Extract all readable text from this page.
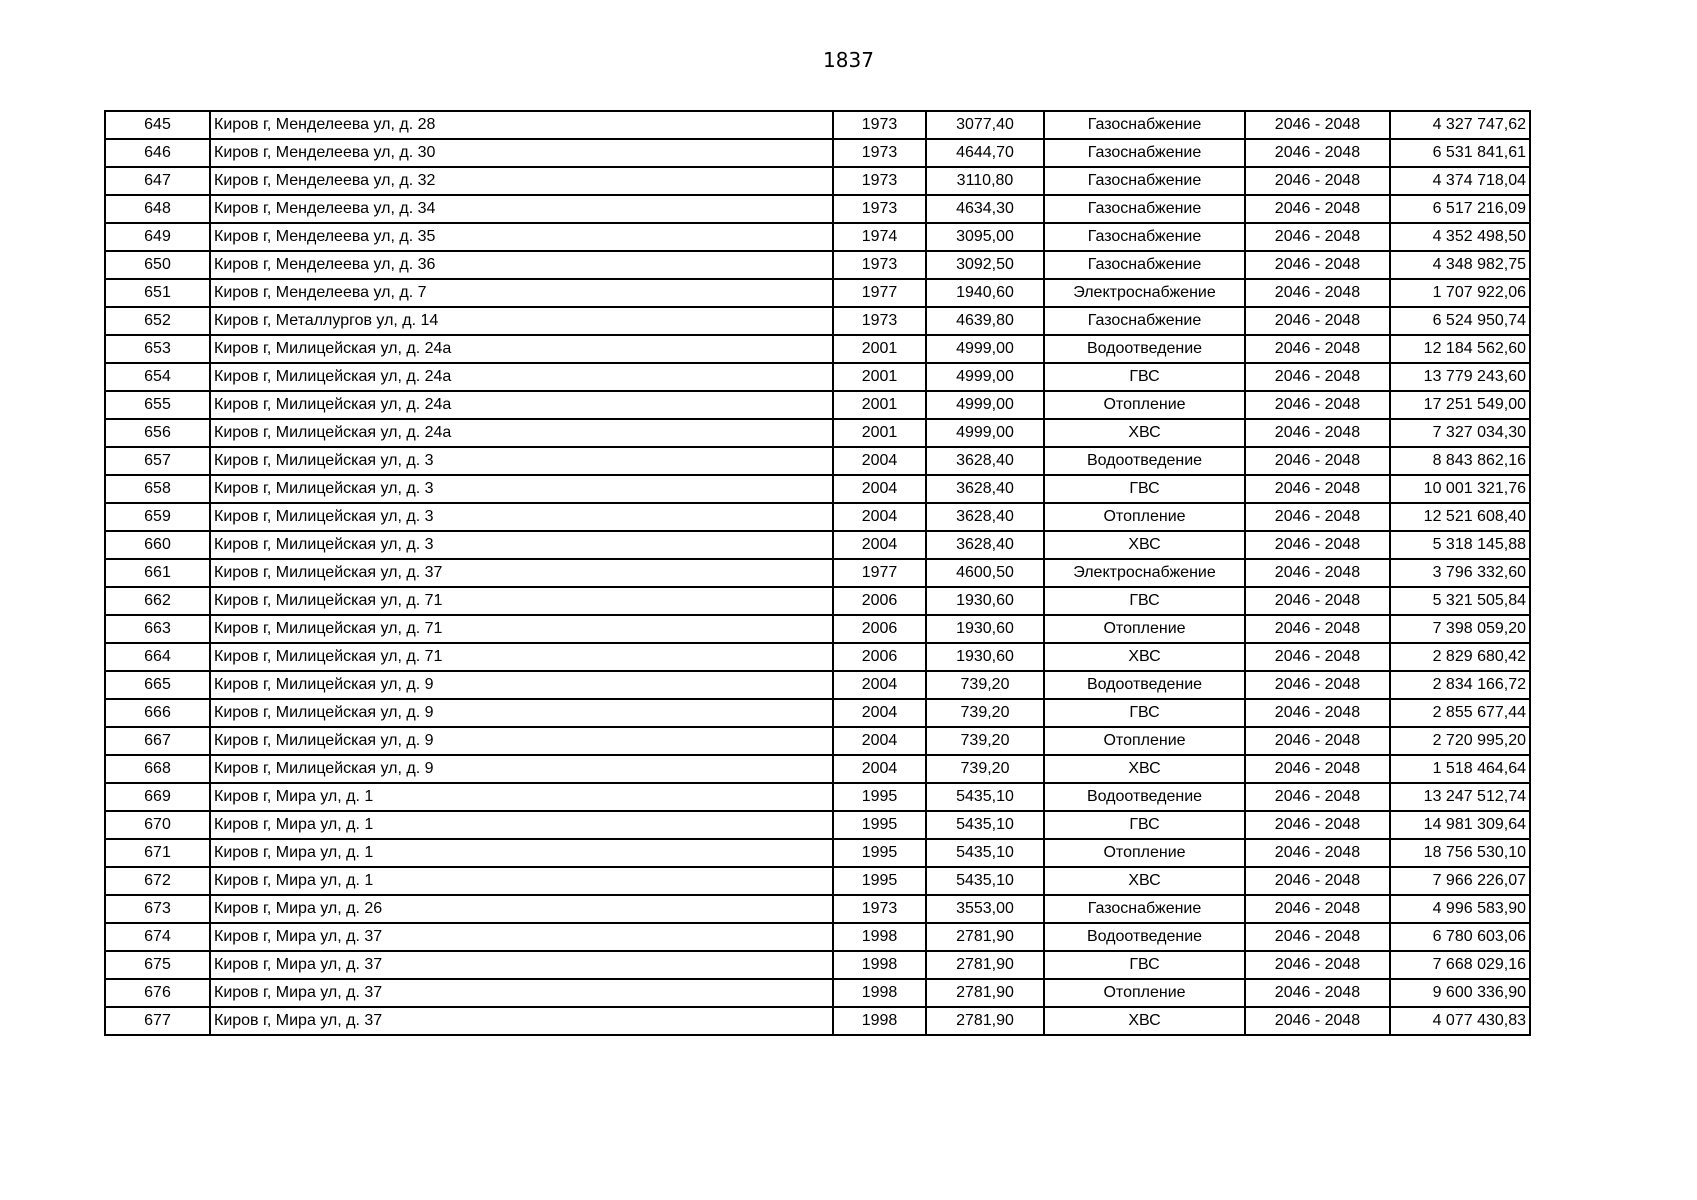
1837
645	Киров г, Менделеева ул, д. 28	1973	3077,40	Газоснабжение	2046 - 2048	4 327 747,62
646	Киров г, Менделеева ул, д. 30	1973	4644,70	Газоснабжение	2046 - 2048	6 531 841,61
647	Киров г, Менделеева ул, д. 32	1973	3110,80	Газоснабжение	2046 - 2048	4 374 718,04
648	Киров г, Менделеева ул, д. 34	1973	4634,30	Газоснабжение	2046 - 2048	6 517 216,09
649	Киров г, Менделеева ул, д. 35	1974	3095,00	Газоснабжение	2046 - 2048	4 352 498,50
650	Киров г, Менделеева ул, д. 36	1973	3092,50	Газоснабжение	2046 - 2048	4 348 982,75
651	Киров г, Менделеева ул, д. 7	1977	1940,60	Электроснабжение	2046 - 2048	1 707 922,06
652	Киров г, Металлургов ул, д. 14	1973	4639,80	Газоснабжение	2046 - 2048	6 524 950,74
653	Киров г, Милицейская ул, д. 24а	2001	4999,00	Водоотведение	2046 - 2048	12 184 562,60
654	Киров г, Милицейская ул, д. 24а	2001	4999,00	ГВС	2046 - 2048	13 779 243,60
655	Киров г, Милицейская ул, д. 24а	2001	4999,00	Отопление	2046 - 2048	17 251 549,00
656	Киров г, Милицейская ул, д. 24а	2001	4999,00	ХВС	2046 - 2048	7 327 034,30
657	Киров г, Милицейская ул, д. 3	2004	3628,40	Водоотведение	2046 - 2048	8 843 862,16
658	Киров г, Милицейская ул, д. 3	2004	3628,40	ГВС	2046 - 2048	10 001 321,76
659	Киров г, Милицейская ул, д. 3	2004	3628,40	Отопление	2046 - 2048	12 521 608,40
660	Киров г, Милицейская ул, д. 3	2004	3628,40	ХВС	2046 - 2048	5 318 145,88
661	Киров г, Милицейская ул, д. 37	1977	4600,50	Электроснабжение	2046 - 2048	3 796 332,60
662	Киров г, Милицейская ул, д. 71	2006	1930,60	ГВС	2046 - 2048	5 321 505,84
663	Киров г, Милицейская ул, д. 71	2006	1930,60	Отопление	2046 - 2048	7 398 059,20
664	Киров г, Милицейская ул, д. 71	2006	1930,60	ХВС	2046 - 2048	2 829 680,42
665	Киров г, Милицейская ул, д. 9	2004	739,20	Водоотведение	2046 - 2048	2 834 166,72
666	Киров г, Милицейская ул, д. 9	2004	739,20	ГВС	2046 - 2048	2 855 677,44
667	Киров г, Милицейская ул, д. 9	2004	739,20	Отопление	2046 - 2048	2 720 995,20
668	Киров г, Милицейская ул, д. 9	2004	739,20	ХВС	2046 - 2048	1 518 464,64
669	Киров г, Мира ул, д. 1	1995	5435,10	Водоотведение	2046 - 2048	13 247 512,74
670	Киров г, Мира ул, д. 1	1995	5435,10	ГВС	2046 - 2048	14 981 309,64
671	Киров г, Мира ул, д. 1	1995	5435,10	Отопление	2046 - 2048	18 756 530,10
672	Киров г, Мира ул, д. 1	1995	5435,10	ХВС	2046 - 2048	7 966 226,07
673	Киров г, Мира ул, д. 26	1973	3553,00	Газоснабжение	2046 - 2048	4 996 583,90
674	Киров г, Мира ул, д. 37	1998	2781,90	Водоотведение	2046 - 2048	6 780 603,06
675	Киров г, Мира ул, д. 37	1998	2781,90	ГВС	2046 - 2048	7 668 029,16
676	Киров г, Мира ул, д. 37	1998	2781,90	Отопление	2046 - 2048	9 600 336,90
677	Киров г, Мира ул, д. 37	1998	2781,90	ХВС	2046 - 2048	4 077 430,83
